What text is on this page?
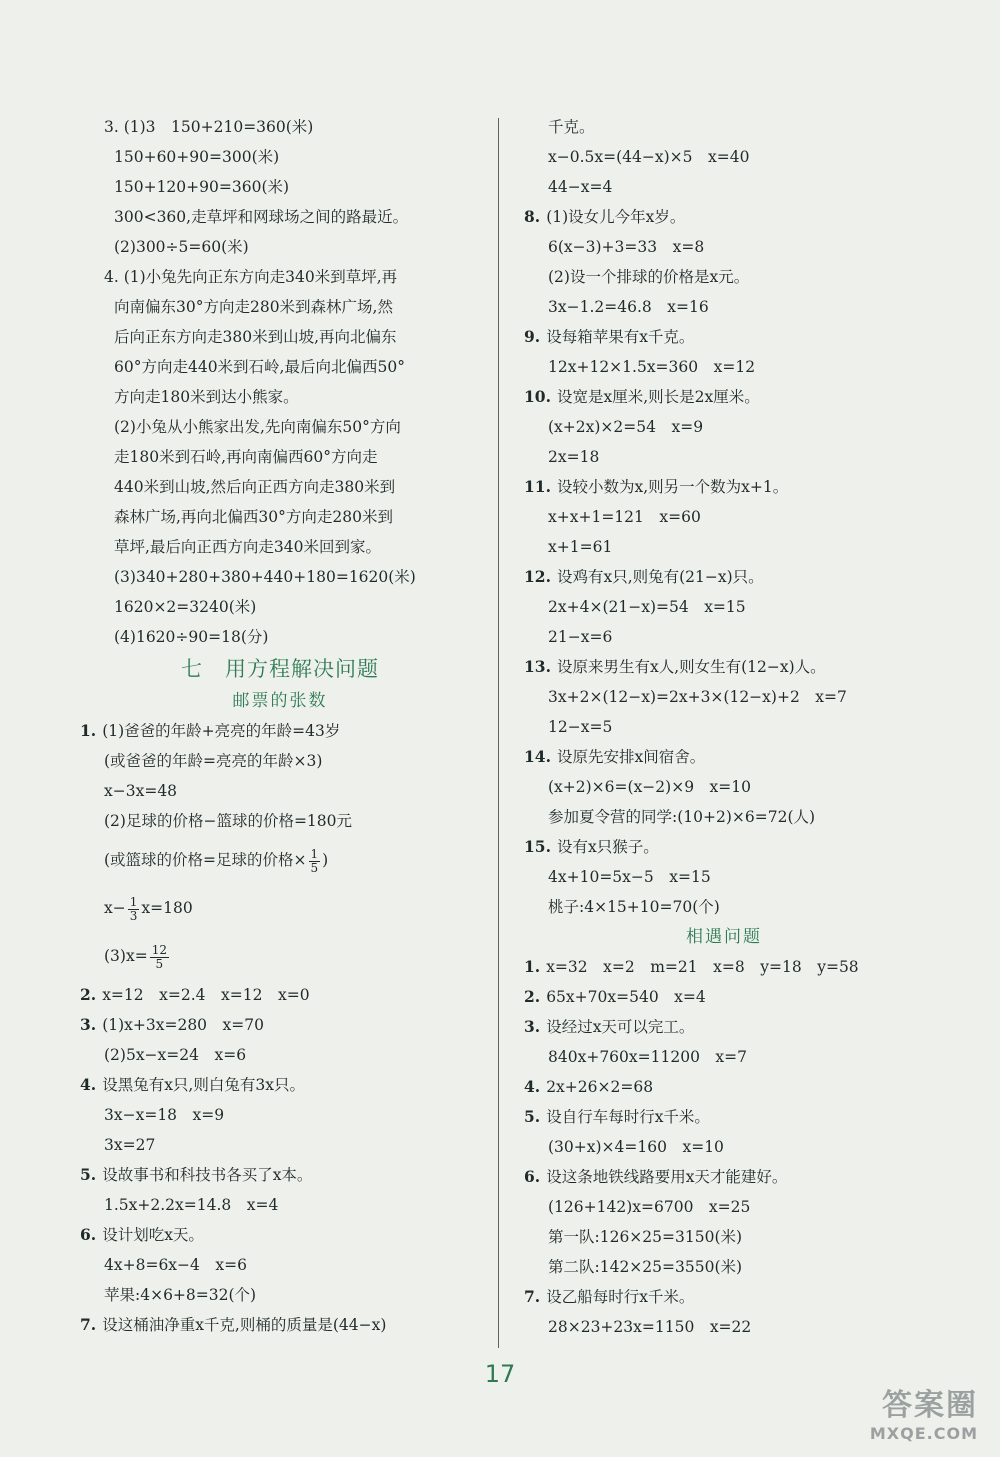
3. (1)3　150+210=360(米)
150+60+90=300(米)
150+120+90=360(米)
300<360,走草坪和网球场之间的路最近。
(2)300÷5=60(米)
4. (1)小兔先向正东方向走340米到草坪,再
向南偏东30°方向走280米到森林广场,然
后向正东方向走380米到山坡,再向北偏东
60°方向走440米到石岭,最后向北偏西50°
方向走180米到达小熊家。
(2)小兔从小熊家出发,先向南偏东50°方向
走180米到石岭,再向南偏西60°方向走
440米到山坡,然后向正西方向走380米到
森林广场,再向北偏西30°方向走280米到
草坪,最后向正西方向走340米回到家。
(3)340+280+380+440+180=1620(米)
1620×2=3240(米)
(4)1620÷90=18(分)
七　用方程解决问题
邮票的张数
1. (1)爸爸的年龄+亮亮的年龄=43岁
(或爸爸的年龄=亮亮的年龄×3)
x−3x=48
(2)足球的价格−篮球的价格=180元
(或篮球的价格=足球的价格× $\frac{1}{5}$ )
$x- \frac{1}{3} x=180$
$(3)x= \frac{12}{5}$
2. x=12　x=2.4　x=12　x=0
3. (1)x+3x=280　x=70
(2)5x−x=24　x=6
4. 设黑兔有x只,则白兔有3x只。
3x−x=18　x=9
3x=27
5. 设故事书和科技书各买了x本。
1.5x+2.2x=14.8　x=4
6. 设计划吃x天。
4x+8=6x−4　x=6
苹果:4×6+8=32(个)
7. 设这桶油净重x千克,则桶的质量是(44−x)
千克。
x−0.5x=(44−x)×5　x=40
44−x=4
8. (1)设女儿今年x岁。
6(x−3)+3=33　x=8
(2)设一个排球的价格是x元。
3x−1.2=46.8　x=16
9. 设每箱苹果有x千克。
12x+12×1.5x=360　x=12
10. 设宽是x厘米,则长是2x厘米。
(x+2x)×2=54　x=9
2x=18
11. 设较小数为x,则另一个数为x+1。
x+x+1=121　x=60
x+1=61
12. 设鸡有x只,则兔有(21−x)只。
2x+4×(21−x)=54　x=15
21−x=6
13. 设原来男生有x人,则女生有(12−x)人。
3x+2×(12−x)=2x+3×(12−x)+2　x=7
12−x=5
14. 设原先安排x间宿舍。
(x+2)×6=(x−2)×9　x=10
参加夏令营的同学:(10+2)×6=72(人)
15. 设有x只猴子。
4x+10=5x−5　x=15
桃子:4×15+10=70(个)
相遇问题
1. x=32　x=2　m=21　x=8　y=18　y=58
2. 65x+70x=540　x=4
3. 设经过x天可以完工。
840x+760x=11200　x=7
4. 2x+26×2=68
5. 设自行车每时行x千米。
(30+x)×4=160　x=10
6. 设这条地铁线路要用x天才能建好。
(126+142)x=6700　x=25
第一队:126×25=3150(米)
第二队:142×25=3550(米)
7. 设乙船每时行x千米。
28×23+23x=1150　x=22
17
答案圈
MXQE.COM
